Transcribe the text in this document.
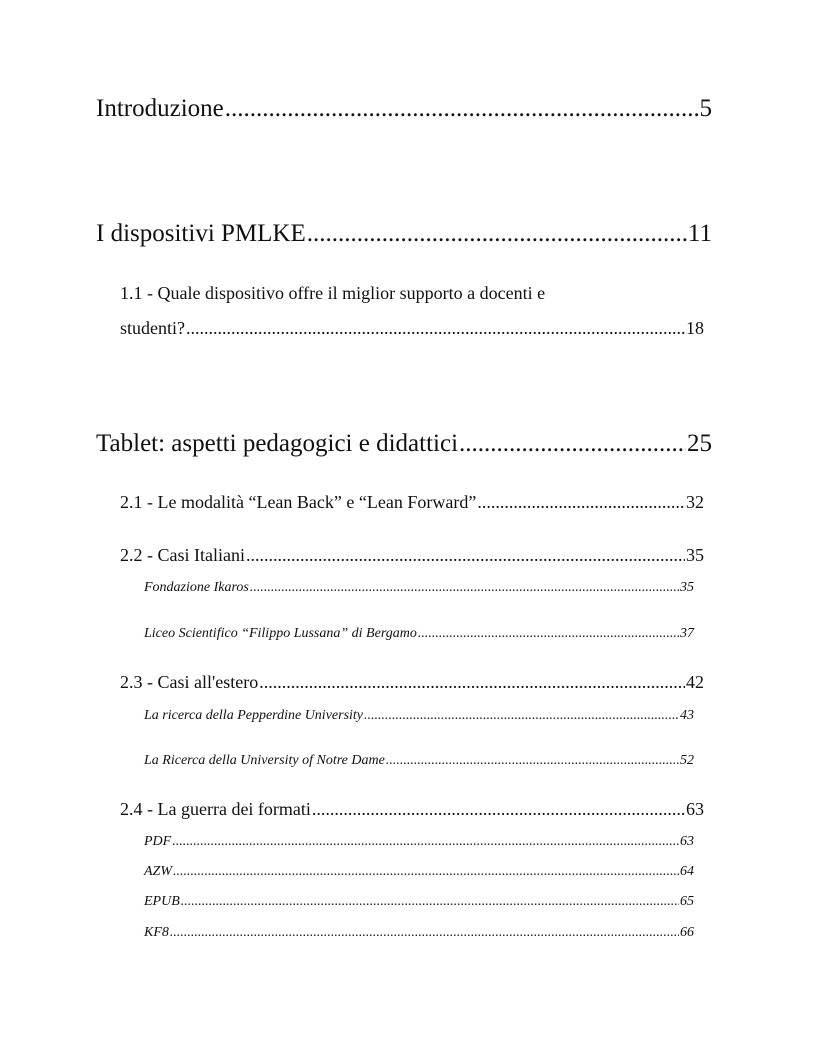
Introduzione .....	5
I dispositivi PMLKE .....	11
1.1 - Quale dispositivo offre il miglior supporto a docenti e
studenti? .....	18
Tablet: aspetti pedagogici e didattici .....	25
2.1 - Le modalità “Lean Back” e “Lean Forward” .....	32
2.2 - Casi Italiani .....	35
Fondazione Ikaros .....	35
Liceo Scientifico “Filippo Lussana” di Bergamo .....	37
2.3 - Casi all'estero .....	42
La ricerca della Pepperdine University .....	43
La Ricerca della University of Notre Dame .....	52
2.4 - La guerra dei formati .....	63
PDF .....	63
AZW .....	64
EPUB .....	65
KF8 .....	66
